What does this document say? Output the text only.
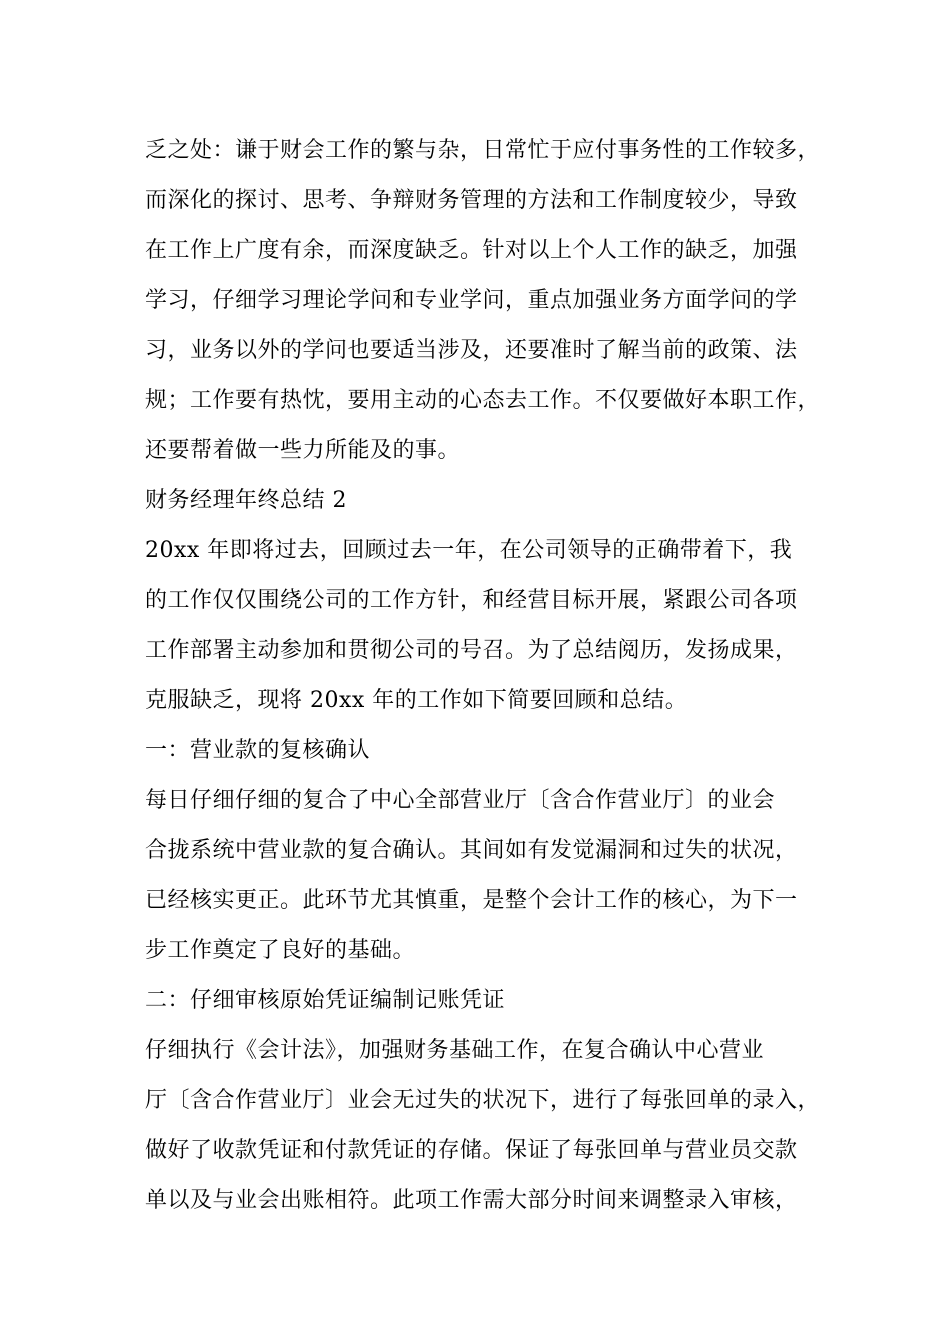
乏之处：谦于财会工作的繁与杂，日常忙于应付事务性的工作较多，
而深化的探讨、思考、争辩财务管理的方法和工作制度较少，导致
在工作上广度有余，而深度缺乏。针对以上个人工作的缺乏，加强
学习，仔细学习理论学问和专业学问，重点加强业务方面学问的学
习，业务以外的学问也要适当涉及，还要准时了解当前的政策、法
规；工作要有热忱，要用主动的心态去工作。不仅要做好本职工作，
还要帮着做一些力所能及的事。
财务经理年终总结 2
20xx 年即将过去，回顾过去一年，在公司领导的正确带着下，我
的工作仅仅围绕公司的工作方针，和经营目标开展，紧跟公司各项
工作部署主动参加和贯彻公司的号召。为了总结阅历，发扬成果，
克服缺乏，现将 20xx 年的工作如下简要回顾和总结。
一：营业款的复核确认
每日仔细仔细的复合了中心全部营业厅〔含合作营业厅〕的业会
合拢系统中营业款的复合确认。其间如有发觉漏洞和过失的状况，
已经核实更正。此环节尤其慎重，是整个会计工作的核心，为下一
步工作奠定了良好的基础。
二：仔细审核原始凭证编制记账凭证
仔细执行《会计法》，加强财务基础工作，在复合确认中心营业
厅〔含合作营业厅〕业会无过失的状况下，进行了每张回单的录入，
做好了收款凭证和付款凭证的存储。保证了每张回单与营业员交款
单以及与业会出账相符。此项工作需大部分时间来调整录入审核，
